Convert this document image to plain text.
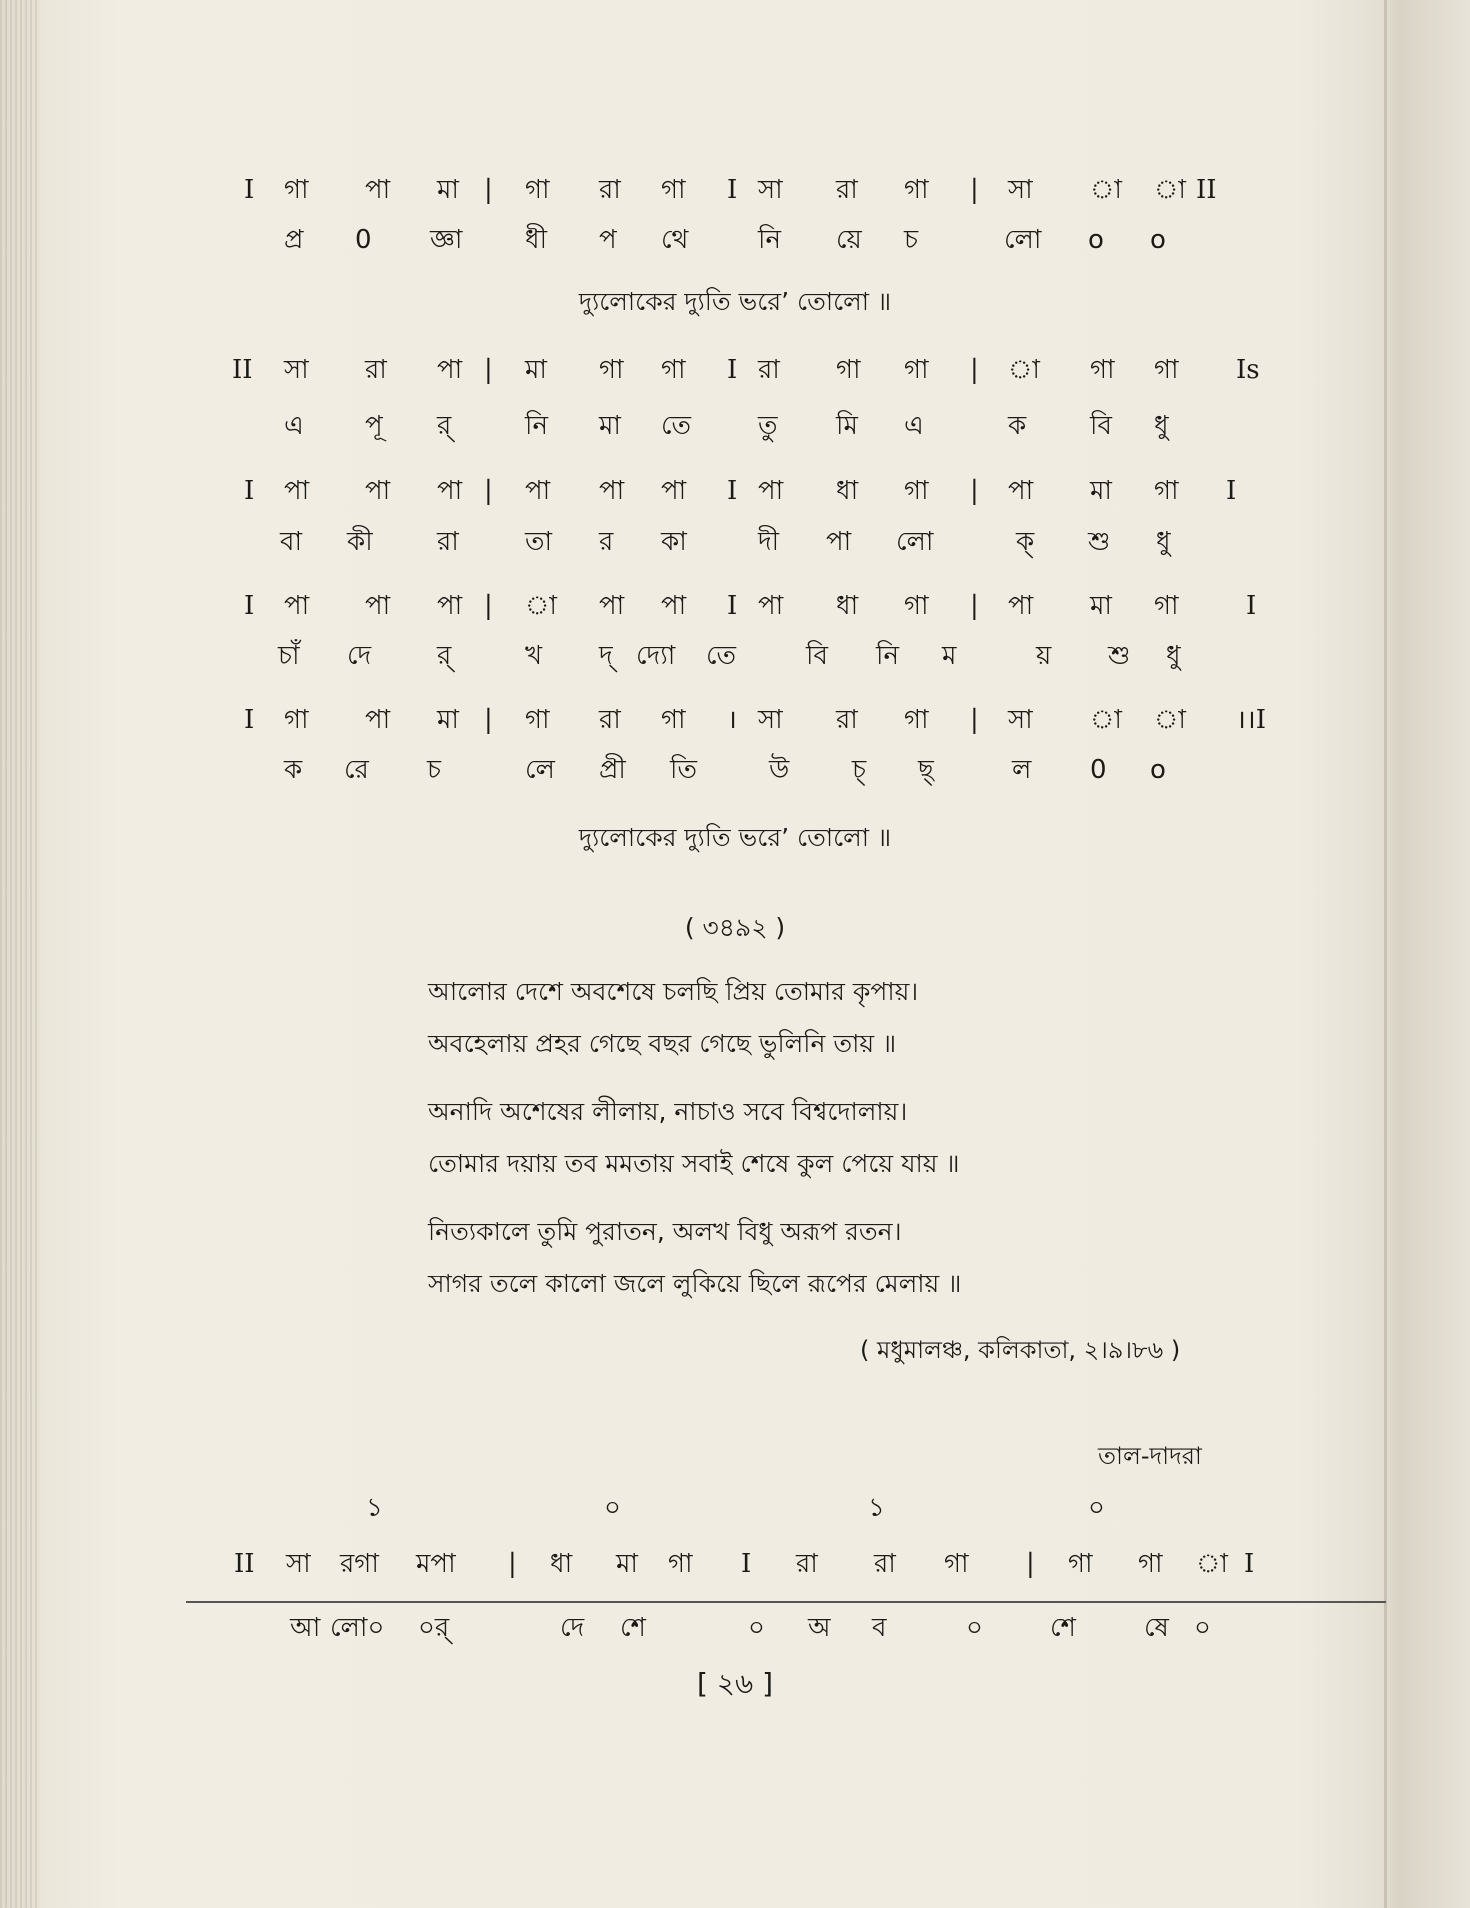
I গা পা মা | গা রা গা I সা রা গা | সা া া II
প্র 0 জ্ঞা ধী প থে	নি য়ে চ	লো o o
দ্যুলোকের দ্যুতি ভরে’ তোলো ॥
II সা রা পা | মা গা গা I রা গা গা | া গা গা Is
এ পূ র্	নি মা তে	তু মি এ	ক বি ধু
I পা পা পা | পা পা পা I পা ধা গা | পা মা গা I
বা কী রা	তা র কা	দী পা লো	ক্ শু ধু
I পা পা পা | া পা পা I পা ধা গা | পা মা গা	I
চাঁ দে	র্	খ দ্ দ্যো তে	বি নি ম	য় শু ধু
I গা পা মা | গা রা গা । সা রা গা | সা া া ।।I
ক রে চ	লে প্রী তি	উ চ্ ছ্	ল 0 o
দ্যুলোকের দ্যুতি ভরে’ তোলো ॥
( ৩৪৯২ )
আলোর দেশে অবশেষে চলছি প্রিয় তোমার কৃপায়।
অবহেলায় প্রহর গেছে বছর গেছে ভুলিনি তায় ॥
অনাদি অশেষের লীলায়, নাচাও সবে বিশ্বদোলায়।
তোমার দয়ায় তব মমতায় সবাই শেষে কুল পেয়ে যায় ॥
নিত্যকালে তুমি পুরাতন, অলখ বিধু অরূপ রতন।
সাগর তলে কালো জলে লুকিয়ে ছিলে রূপের মেলায় ॥
( মধুমালঞ্চ, কলিকাতা, ২।৯।৮৬ )
তাল-দাদরা
১	০	১	০
II সা রগা মপা | ধা মা গা I রা রা গা | গা গা া I
আ লো০ ০র্	দে শে	০ অ ব	০	শে	ষে ০
[ ২৬ ]
